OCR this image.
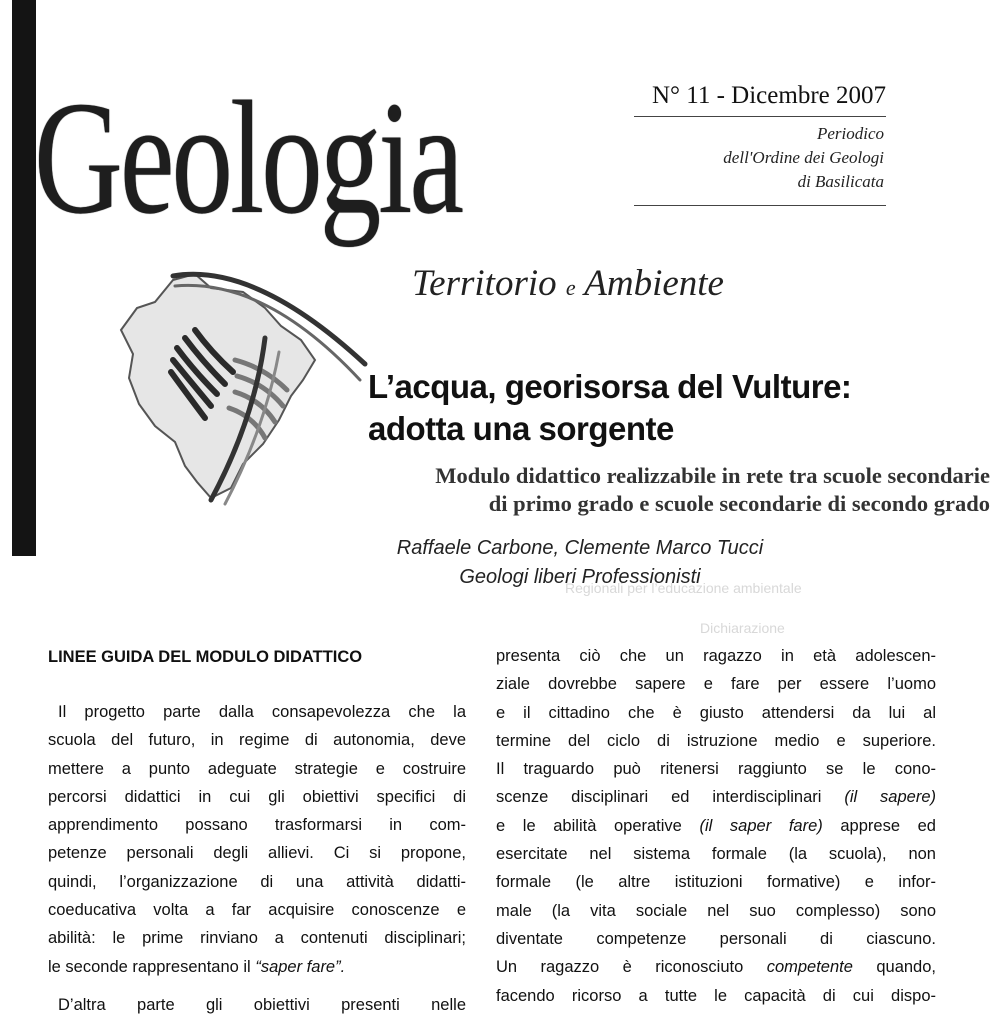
Geologia	N° 11 - Dicembre 2007
Periodico
dell'Ordine dei Geologi
di Basilicata
Territorio e Ambiente
L’acqua, georisorsa del Vulture:
adotta una sorgente
Modulo didattico realizzabile in rete tra scuole secondarie
di primo grado e scuole secondarie di secondo grado
Raffaele Carbone, Clemente Marco Tucci
Geologi liberi Professionisti
Regionali per l’educazione ambientale
Dichiarazione
LINEE GUIDA DEL MODULO DIDATTICO
Il progetto parte dalla consapevolezza che la
scuola del futuro, in regime di autonomia, deve
mettere a punto adeguate strategie e costruire
percorsi didattici in cui gli obiettivi specifici di
apprendimento possano trasformarsi in com-
petenze personali degli allievi. Ci si propone,
quindi, l’organizzazione di una attività didatti-
coeducativa volta a far acquisire conoscenze e
abilità: le prime rinviano a contenuti disciplinari;
le seconde rappresentano il “saper fare”.
D’altra parte gli obiettivi presenti nelle
presenta ciò che un ragazzo in età adolescen-
ziale dovrebbe sapere e fare per essere l’uomo
e il cittadino che è giusto attendersi da lui al
termine del ciclo di istruzione medio e superiore.
Il traguardo può ritenersi raggiunto se le cono-
scenze disciplinari ed interdisciplinari (il sapere)
e le abilità operative (il saper fare) apprese ed
esercitate nel sistema formale (la scuola), non
formale (le altre istituzioni formative) e infor-
male (la vita sociale nel suo complesso) sono
diventate competenze personali di ciascuno.
Un ragazzo è riconosciuto competente quando,
facendo ricorso a tutte le capacità di cui dispo-
